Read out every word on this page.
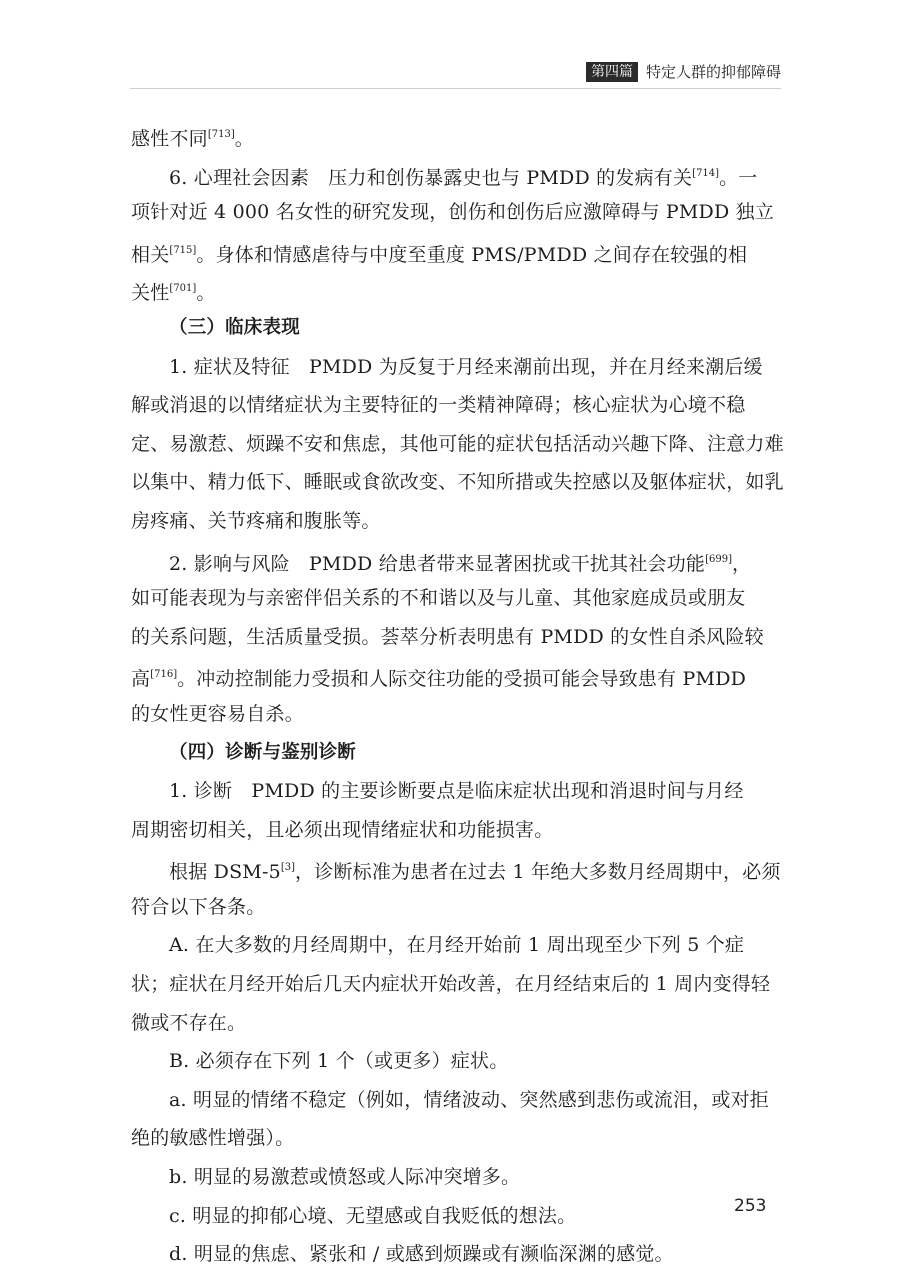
第四篇 特定人群的抑郁障碍
感性不同[713]。
6. 心理社会因素　压力和创伤暴露史也与 PMDD 的发病有关[714]。一
项针对近 4 000 名女性的研究发现，创伤和创伤后应激障碍与 PMDD 独立
相关[715]。身体和情感虐待与中度至重度 PMS/PMDD 之间存在较强的相
关性[701]。
（三）临床表现
1. 症状及特征　PMDD 为反复于月经来潮前出现，并在月经来潮后缓
解或消退的以情绪症状为主要特征的一类精神障碍；核心症状为心境不稳
定、易激惹、烦躁不安和焦虑，其他可能的症状包括活动兴趣下降、注意力难
以集中、精力低下、睡眠或食欲改变、不知所措或失控感以及躯体症状，如乳
房疼痛、关节疼痛和腹胀等。
2. 影响与风险　PMDD 给患者带来显著困扰或干扰其社会功能[699]，
如可能表现为与亲密伴侣关系的不和谐以及与儿童、其他家庭成员或朋友
的关系问题，生活质量受损。荟萃分析表明患有 PMDD 的女性自杀风险较
高[716]。冲动控制能力受损和人际交往功能的受损可能会导致患有 PMDD
的女性更容易自杀。
（四）诊断与鉴别诊断
1. 诊断　PMDD 的主要诊断要点是临床症状出现和消退时间与月经
周期密切相关，且必须出现情绪症状和功能损害。
根据 DSM-5[3]，诊断标准为患者在过去 1 年绝大多数月经周期中，必须
符合以下各条。
A. 在大多数的月经周期中，在月经开始前 1 周出现至少下列 5 个症
状；症状在月经开始后几天内症状开始改善，在月经结束后的 1 周内变得轻
微或不存在。
B. 必须存在下列 1 个（或更多）症状。
a. 明显的情绪不稳定（例如，情绪波动、突然感到悲伤或流泪，或对拒
绝的敏感性增强）。
b. 明显的易激惹或愤怒或人际冲突增多。
c. 明显的抑郁心境、无望感或自我贬低的想法。
d. 明显的焦虑、紧张和 / 或感到烦躁或有濒临深渊的感觉。
253
